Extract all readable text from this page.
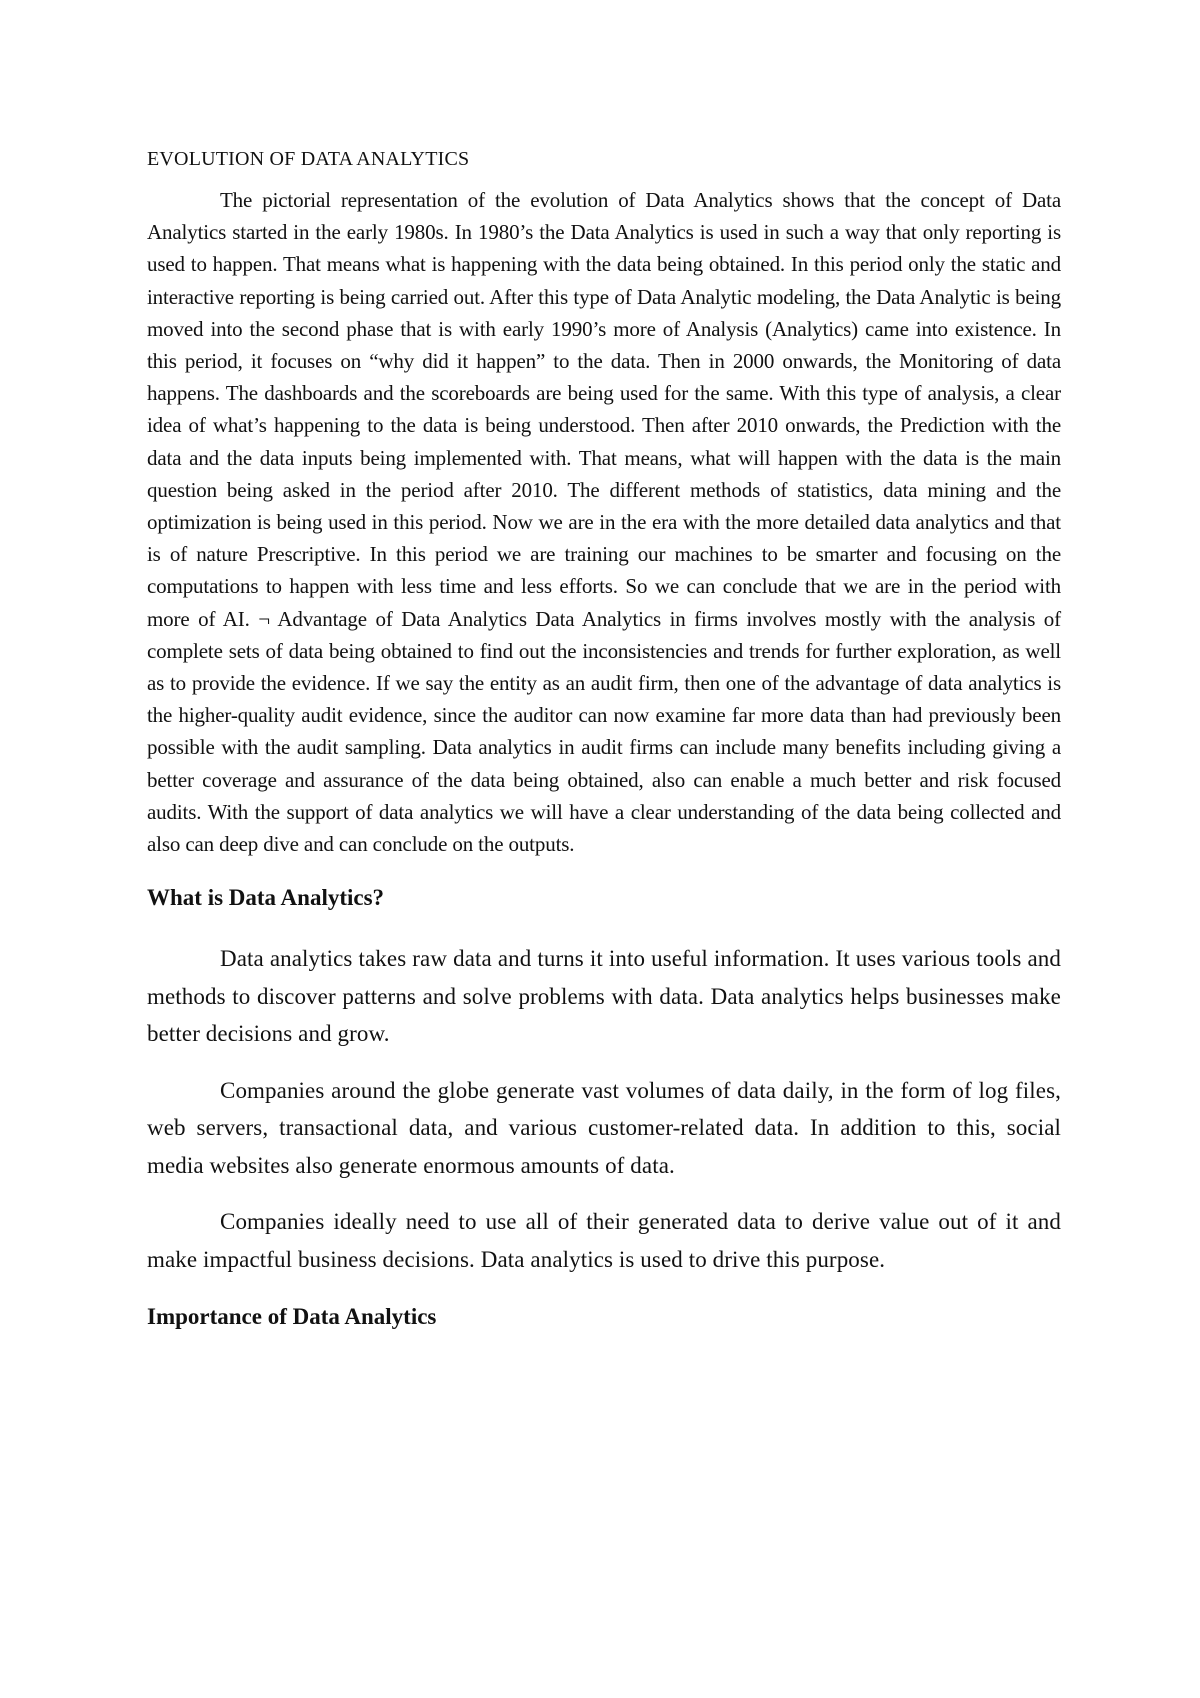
EVOLUTION OF DATA ANALYTICS

The pictorial representation of the evolution of Data Analytics shows that the concept of Data Analytics started in the early 1980s. In 1980’s the Data Analytics is used in such a way that only reporting is used to happen. That means what is happening with the data being obtained. In this period only the static and interactive reporting is being carried out. After this type of Data Analytic modeling, the Data Analytic is being moved into the second phase that is with early 1990’s more of Analysis (Analytics) came into existence. In this period, it focuses on “why did it happen” to the data. Then in 2000 onwards, the Monitoring of data happens. The dashboards and the scoreboards are being used for the same. With this type of analysis, a clear idea of what’s happening to the data is being understood. Then after 2010 onwards, the Prediction with the data and the data inputs being implemented with. That means, what will happen with the data is the main question being asked in the period after 2010. The different methods of statistics, data mining and the optimization is being used in this period. Now we are in the era with the more detailed data analytics and that is of nature Prescriptive. In this period we are training our machines to be smarter and focusing on the computations to happen with less time and less efforts. So we can conclude that we are in the period with more of AI. ¬ Advantage of Data Analytics Data Analytics in firms involves mostly with the analysis of complete sets of data being obtained to find out the inconsistencies and trends for further exploration, as well as to provide the evidence. If we say the entity as an audit firm, then one of the advantage of data analytics is the higher-quality audit evidence, since the auditor can now examine far more data than had previously been possible with the audit sampling. Data analytics in audit firms can include many benefits including giving a better coverage and assurance of the data being obtained, also can enable a much better and risk focused audits. With the support of data analytics we will have a clear understanding of the data being collected and also can deep dive and can conclude on the outputs.

What is Data Analytics?

Data analytics takes raw data and turns it into useful information. It uses various tools and methods to discover patterns and solve problems with data. Data analytics helps businesses make better decisions and grow.

Companies around the globe generate vast volumes of data daily, in the form of log files, web servers, transactional data, and various customer-related data. In addition to this, social media websites also generate enormous amounts of data.

Companies ideally need to use all of their generated data to derive value out of it and make impactful business decisions. Data analytics is used to drive this purpose.

Importance of Data Analytics
